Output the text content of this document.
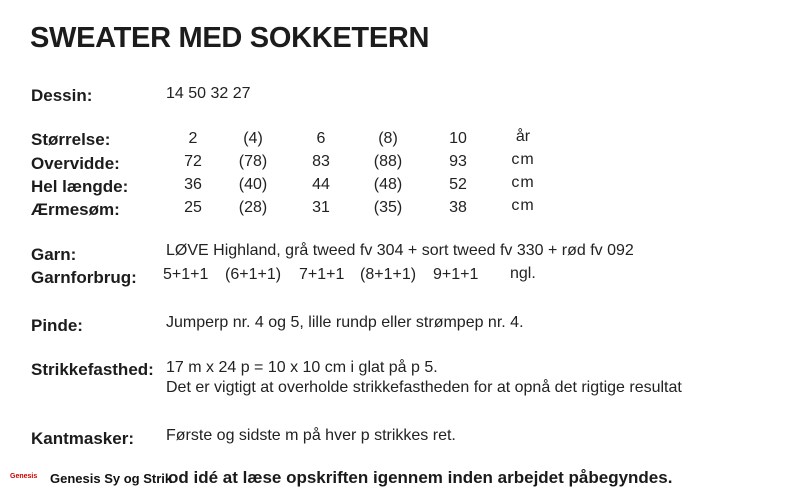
SWEATER MED SOKKETERN
Dessin:	14 50 32 27
Størrelse:	2	(4)	6	(8)	10	år
Overvidde:	72	(78)	83	(88)	93	cm
Hel længde:	36	(40)	44	(48)	52	cm
Ærmesøm:	25	(28)	31	(35)	38	cm
Garn:	LØVE Highland, grå tweed fv 304 + sort tweed fv 330 + rød fv 092
Garnforbrug: 5+1+1 (6+1+1) 7+1+1 (8+1+1) 9+1+1 ngl.
Pinde:	Jumperp nr. 4 og 5, lille rundp eller strømpep nr. 4.
Strikkefasthed: 17 m x 24 p = 10 x 10 cm i glat på p 5.
Det er vigtigt at overholde strikkefastheden for at opnå det rigtige resultat
Kantmasker: Første og sidste m på hver p strikkes ret.
Genesis Genesis Sy og Strik
od idé at læse opskriften igennem inden arbejdet påbegyndes.
